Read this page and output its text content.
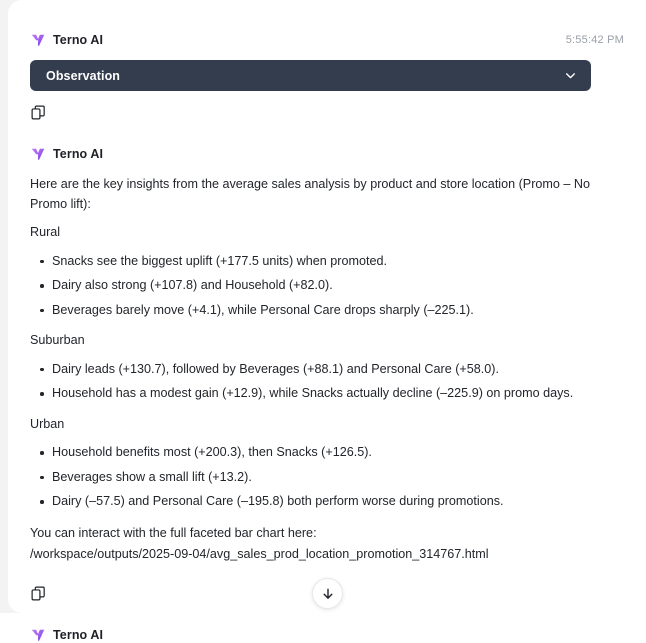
Terno AI	5:55:42 PM
Observation
Terno AI

Here are the key insights from the average sales analysis by product and store location (Promo – No Promo lift):

Rural

Snacks see the biggest uplift (+177.5 units) when promoted.
Dairy also strong (+107.8) and Household (+82.0).
Beverages barely move (+4.1), while Personal Care drops sharply (–225.1).

Suburban

Dairy leads (+130.7), followed by Beverages (+88.1) and Personal Care (+58.0).
Household has a modest gain (+12.9), while Snacks actually decline (–225.9) on promo days.

Urban

Household benefits most (+200.3), then Snacks (+126.5).
Beverages show a small lift (+13.2).
Dairy (–57.5) and Personal Care (–195.8) both perform worse during promotions.

You can interact with the full faceted bar chart here:

/workspace/outputs/2025-09-04/avg_sales_prod_location_promotion_314767.html

Terno AI
